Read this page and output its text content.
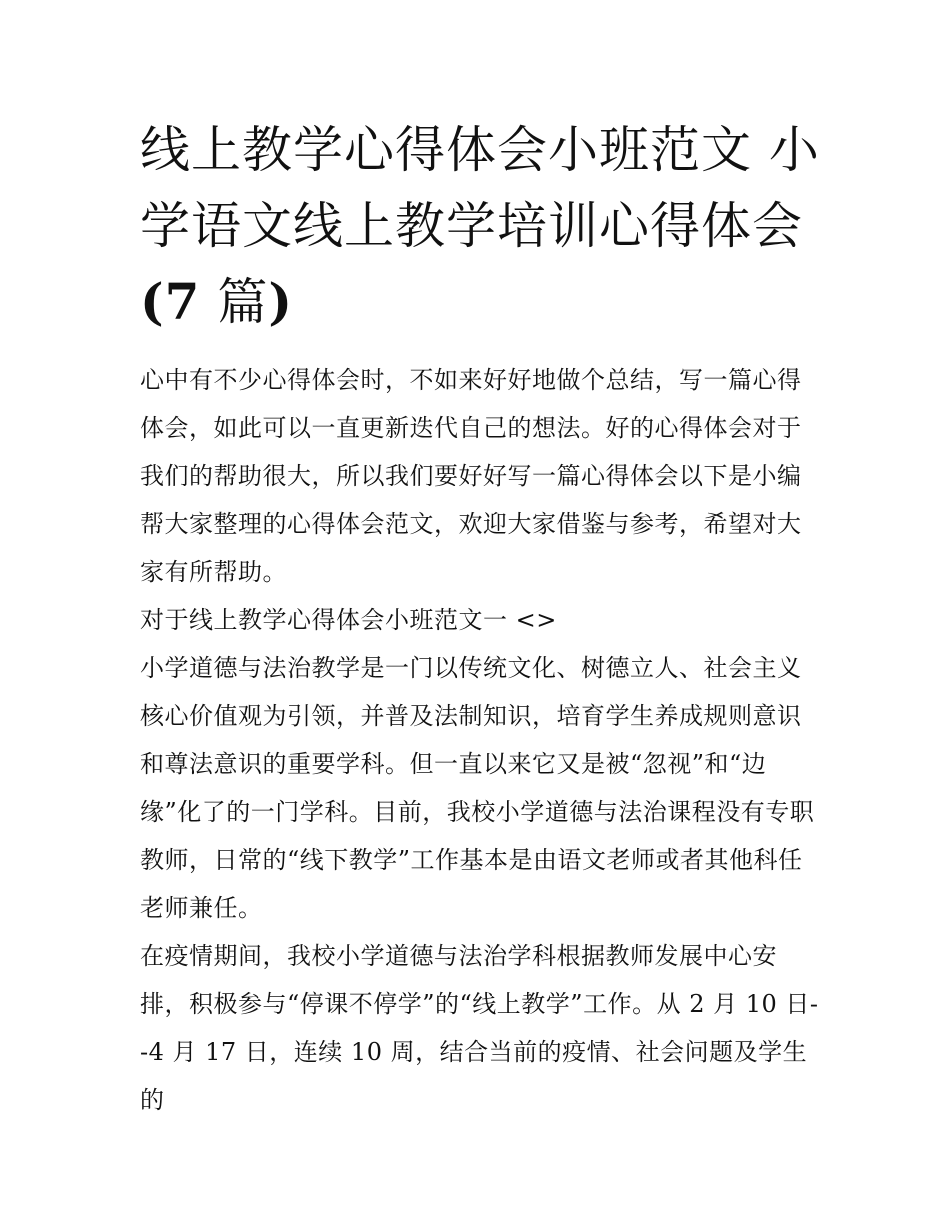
线上教学心得体会小班范文 小
学语文线上教学培训心得体会
(7 篇)

心中有不少心得体会时，不如来好好地做个总结，写一篇心得体会，如此可以一直更新迭代自己的想法。好的心得体会对于我们的帮助很大，所以我们要好好写一篇心得体会以下是小编帮大家整理的心得体会范文，欢迎大家借鉴与参考，希望对大家有所帮助。

对于线上教学心得体会小班范文一 <>

小学道德与法治教学是一门以传统文化、树德立人、社会主义核心价值观为引领，并普及法制知识，培育学生养成规则意识和尊法意识的重要学科。但一直以来它又是被“忽视”和“边缘”化了的一门学科。目前，我校小学道德与法治课程没有专职教师，日常的“线下教学”工作基本是由语文老师或者其他科任老师兼任。

在疫情期间，我校小学道德与法治学科根据教师发展中心安排，积极参与“停课不停学”的“线上教学”工作。从 2 月 10 日--4 月 17 日，连续 10 周，结合当前的疫情、社会问题及学生的
